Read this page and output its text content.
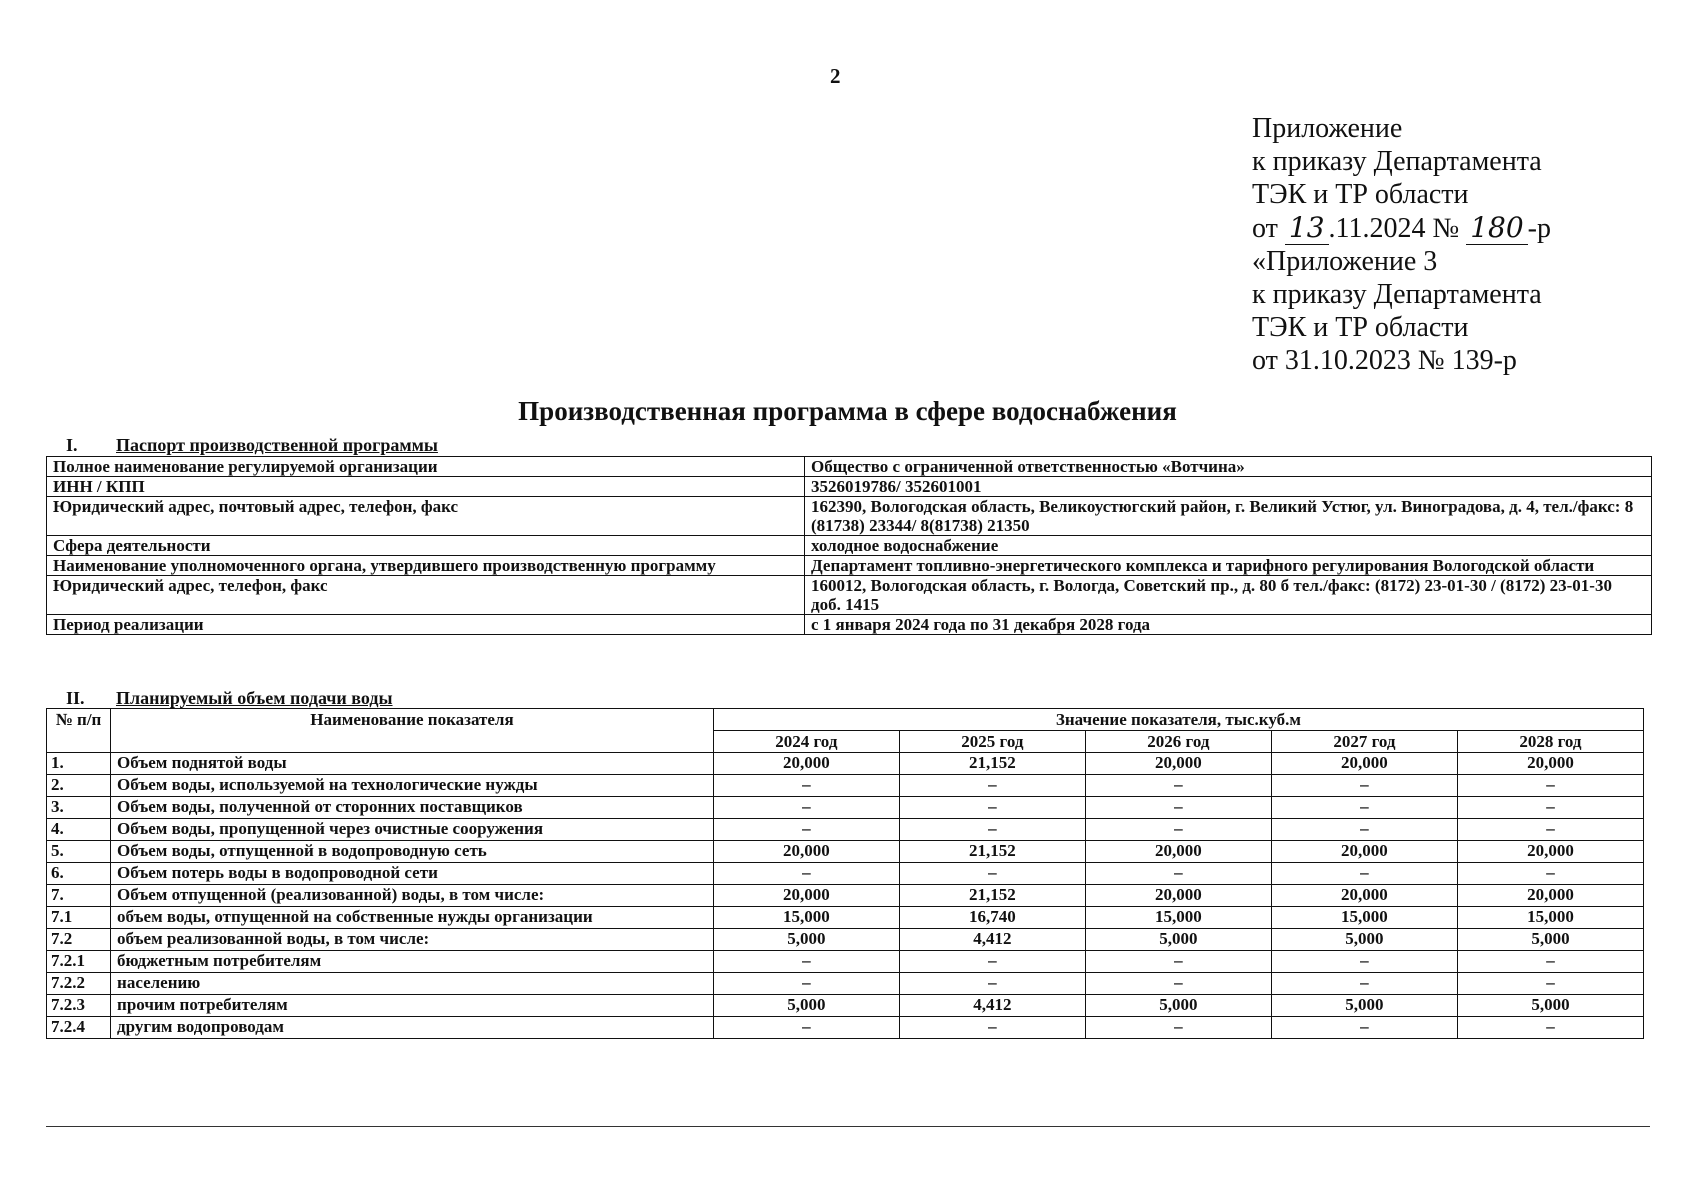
2
Приложение
к приказу Департамента
ТЭК и ТР области
от 13 .11.2024 № 180 -р
«Приложение 3
к приказу Департамента
ТЭК и ТР области
от 31.10.2023 № 139-р
Производственная программа в сфере водоснабжения
I. Паспорт производственной программы
Полное наименование регулируемой организации	Общество с ограниченной ответственностью «Вотчина»
ИНН / КПП	3526019786/ 352601001
Юридический адрес, почтовый адрес, телефон, факс	162390, Вологодская область, Великоустюгский район, г. Великий Устюг, ул. Виноградова, д. 4, тел./факс: 8 (81738) 23344/ 8(81738) 21350
Сфера деятельности	холодное водоснабжение
Наименование уполномоченного органа, утвердившего производственную программу	Департамент топливно-энергетического комплекса и тарифного регулирования Вологодской области
Юридический адрес, телефон, факс	160012, Вологодская область, г. Вологда, Советский пр., д. 80 б тел./факс: (8172) 23-01-30 / (8172) 23-01-30 доб. 1415
Период реализации	с 1 января 2024 года по 31 декабря 2028 года
II. Планируемый объем подачи воды
№ п/п	Наименование показателя	Значение показателя, тыс.куб.м				
		2024 год	2025 год	2026 год	2027 год	2028 год
1.	Объем поднятой воды	20,000	21,152	20,000	20,000	20,000
2.	Объем воды, используемой на технологические нужды	–	–	–	–	–
3.	Объем воды, полученной от сторонних поставщиков	–	–	–	–	–
4.	Объем воды, пропущенной через очистные сооружения	–	–	–	–	–
5.	Объем воды, отпущенной в водопроводную сеть	20,000	21,152	20,000	20,000	20,000
6.	Объем потерь воды в водопроводной сети	–	–	–	–	–
7.	Объем отпущенной (реализованной) воды, в том числе:	20,000	21,152	20,000	20,000	20,000
7.1	объем воды, отпущенной на собственные нужды организации	15,000	16,740	15,000	15,000	15,000
7.2	объем реализованной воды, в том числе:	5,000	4,412	5,000	5,000	5,000
7.2.1	бюджетным потребителям	–	–	–	–	–
7.2.2	населению	–	–	–	–	–
7.2.3	прочим потребителям	5,000	4,412	5,000	5,000	5,000
7.2.4	другим водопроводам	–	–	–	–	–
